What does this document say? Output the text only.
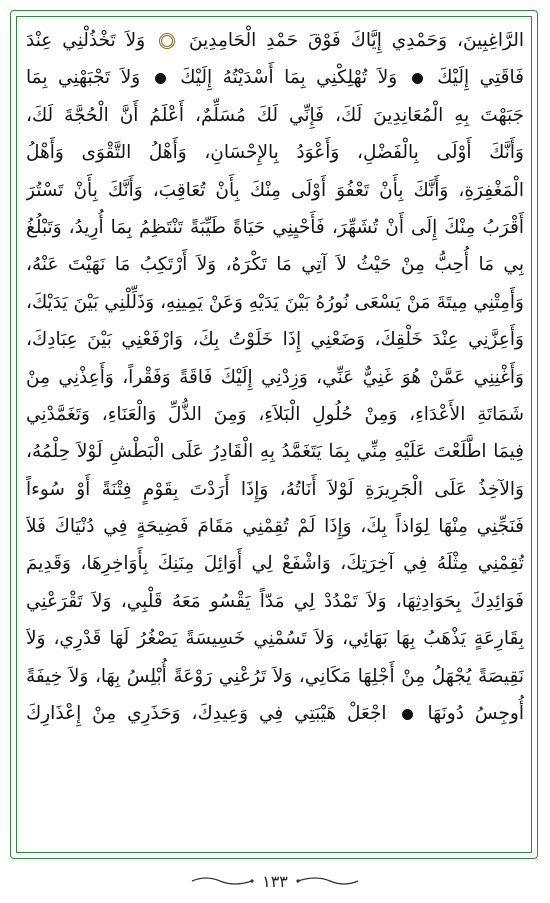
الرَّاغِبِينَ، وَحَمْدِي إِيَّاكَ فَوْقَ حَمْدِ الْحَامِدِينَ  وَلاَ تَخْذُلْنِي عِنْدَ
فَاقَتِي إِلَيْكَ  وَلاَ تُهْلِكْنِي بِمَا أَسْدَيْتُهُ إِلَيْكَ  وَلاَ تَجْبَهْنِي بِمَا
جَبَهْتَ بِهِ الْمُعَانِدِينَ لَكَ، فَإِنِّي لَكَ مُسَلِّمٌ، أَعْلَمُ أَنَّ الْحُجَّةَ لَكَ،
وَأَنَّكَ أَوْلَى بِالْفَضْلِ، وَأَعْوَدُ بِالإِحْسَانِ، وَأَهْلُ التَّقْوَى وَأَهْلُ
الْمَغْفِرَةِ، وَأَنَّكَ بِأَنْ تَعْفُوَ أَوْلَى مِنْكَ بِأَنْ تُعَاقِبَ، وَأَنَّكَ بِأَنْ تَسْتُرَ
أَقْرَبُ مِنْكَ إِلَى أَنْ تُشَهِّرَ، فَأَحْيِنِي حَيَاةً طَيِّبَةً تَنْتَظِمُ بِمَا أُرِيدُ، وَتَبْلُغُ
بِي مَا أُحِبُّ مِنْ حَيْثُ لاَ آتِي مَا تَكْرَهُ، وَلاَ أَرْتَكِبُ مَا نَهَيْتَ عَنْهُ،
وَأَمِتْنِي مِيتَةَ مَنْ يَسْعَى نُورُهُ بَيْنَ يَدَيْهِ وَعَنْ يَمِينِهِ، وَذَلِّلْنِي بَيْنَ يَدَيْكَ،
وَأَعِزَّنِي عِنْدَ خَلْقِكَ، وَضَعْنِي إِذَا خَلَوْتُ بِكَ، وَارْفَعْنِي بَيْنَ عِبَادِكَ،
وَأَغْنِنِي عَمَّنْ هُوَ غَنِيٌّ عَنِّي، وَزِدْنِي إِلَيْكَ فَاقَةً وَفَقْراً، وَأَعِذْنِي مِنْ
شَمَاتَةِ الأَعْدَاءِ، وَمِنْ حُلُولِ الْبَلاَءِ، وَمِنَ الذُّلِّ وَالْعَنَاءِ، وَتَغَمَّدْنِي
فِيمَا اطَّلَعْتَ عَلَيْهِ مِنِّي بِمَا يَتَغَمَّدُ بِهِ الْقَادِرُ عَلَى الْبَطْشِ لَوْلاَ حِلْمُهُ،
وَالآخِذُ عَلَى الْجَرِيرَةِ لَوْلاَ أَنَاتُهُ، وَإِذَا أَرَدْتَ بِقَوْمٍ فِتْنَةً أَوْ سُوءاً
فَنَجِّنِي مِنْهَا لِوَاذاً بِكَ، وَإِذَا لَمْ تُقِمْنِي مَقَامَ فَضِيحَةٍ فِي دُنْيَاكَ فَلاَ
تُقِمْنِي مِثْلَهُ فِي آخِرَتِكَ، وَاشْفَعْ لِي أَوَائِلَ مِنَنِكَ بِأَوَاخِرِهَا، وَقَدِيمَ
فَوَائِدِكَ بِحَوَادِثِهَا، وَلاَ تَمْدُدْ لِي مَدّاً يَقْسُو مَعَهُ قَلْبِي، وَلاَ تَقْرَعْنِي
بِقَارِعَةٍ يَذْهَبُ بِهَا بَهَائِي، وَلاَ تَسُمْنِي خَسِيسَةً يَصْغُرُ لَهَا قَدْرِي، وَلاَ
نَقِيصَةً يُجْهَلُ مِنْ أَجْلِهَا مَكَانِي، وَلاَ تَرُعْنِي رَوْعَةً أُبْلِسُ بِهَا، وَلاَ خِيفَةً
أُوجِسُ دُونَهَا  اجْعَلْ هَيْبَتِي فِي وَعِيدِكَ، وَحَذَرِي مِنْ إِعْذَارِكَ
١٣٣
